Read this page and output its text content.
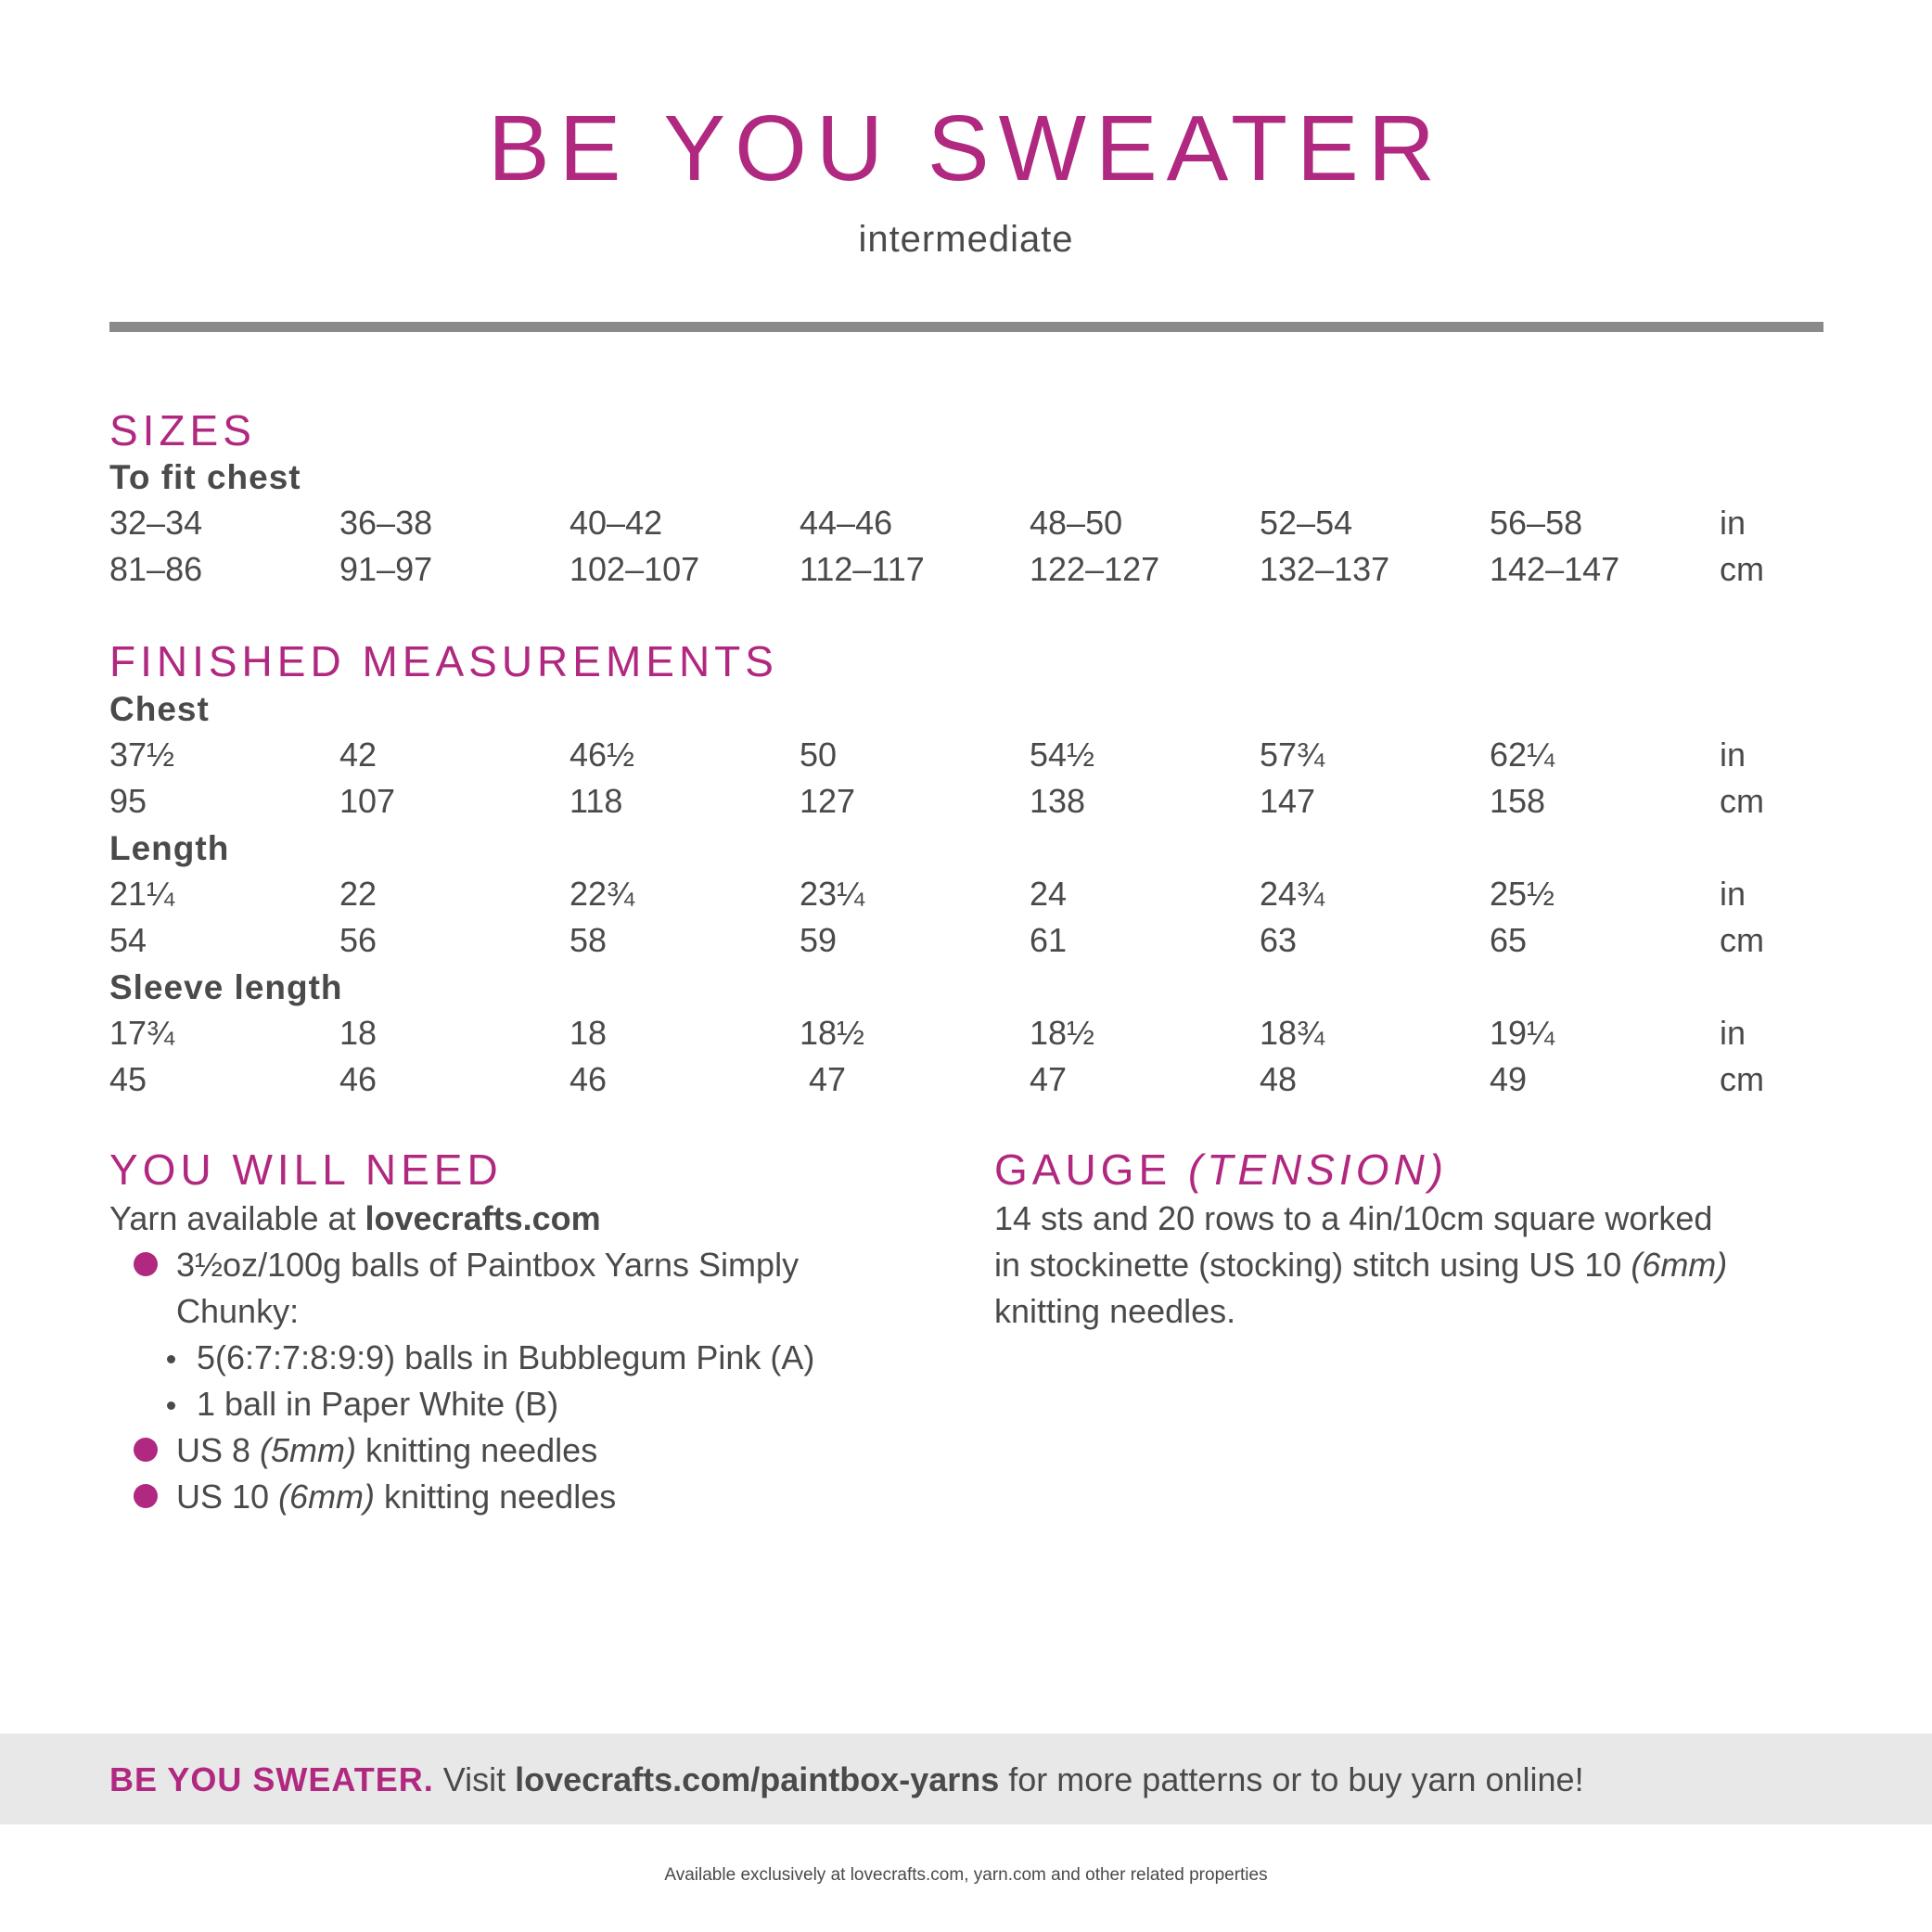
BE YOU SWEATER
intermediate
SIZES
To fit chest
32–34	36–38	40–42	44–46	48–50	52–54	56–58	in
81–86	91–97	102–107	112–117	122–127	132–137	142–147	cm
FINISHED MEASUREMENTS
Chest
37½	42	46½	50	54½	57¾	62¼	in
95	107	118	127	138	147	158	cm
Length
21¼	22	22¾	23¼	24	24¾	25½	in
54	56	58	59	61	63	65	cm
Sleeve length
17¾	18	18	18½	18½	18¾	19¼	in
45	46	46	47	47	48	49	cm
YOU WILL NEED
Yarn available at lovecrafts.com
3½oz/100g balls of Paintbox Yarns Simply
Chunky:
5(6:7:7:8:9:9) balls in Bubblegum Pink (A)
1 ball in Paper White (B)
US 8 (5mm) knitting needles
US 10 (6mm) knitting needles
GAUGE (TENSION)
14 sts and 20 rows to a 4in/10cm square worked
in stockinette (stocking) stitch using US 10 (6mm)
knitting needles.
BE YOU SWEATER. Visit lovecrafts.com/paintbox-yarns for more patterns or to buy yarn online!
Available exclusively at lovecrafts.com, yarn.com and other related properties
